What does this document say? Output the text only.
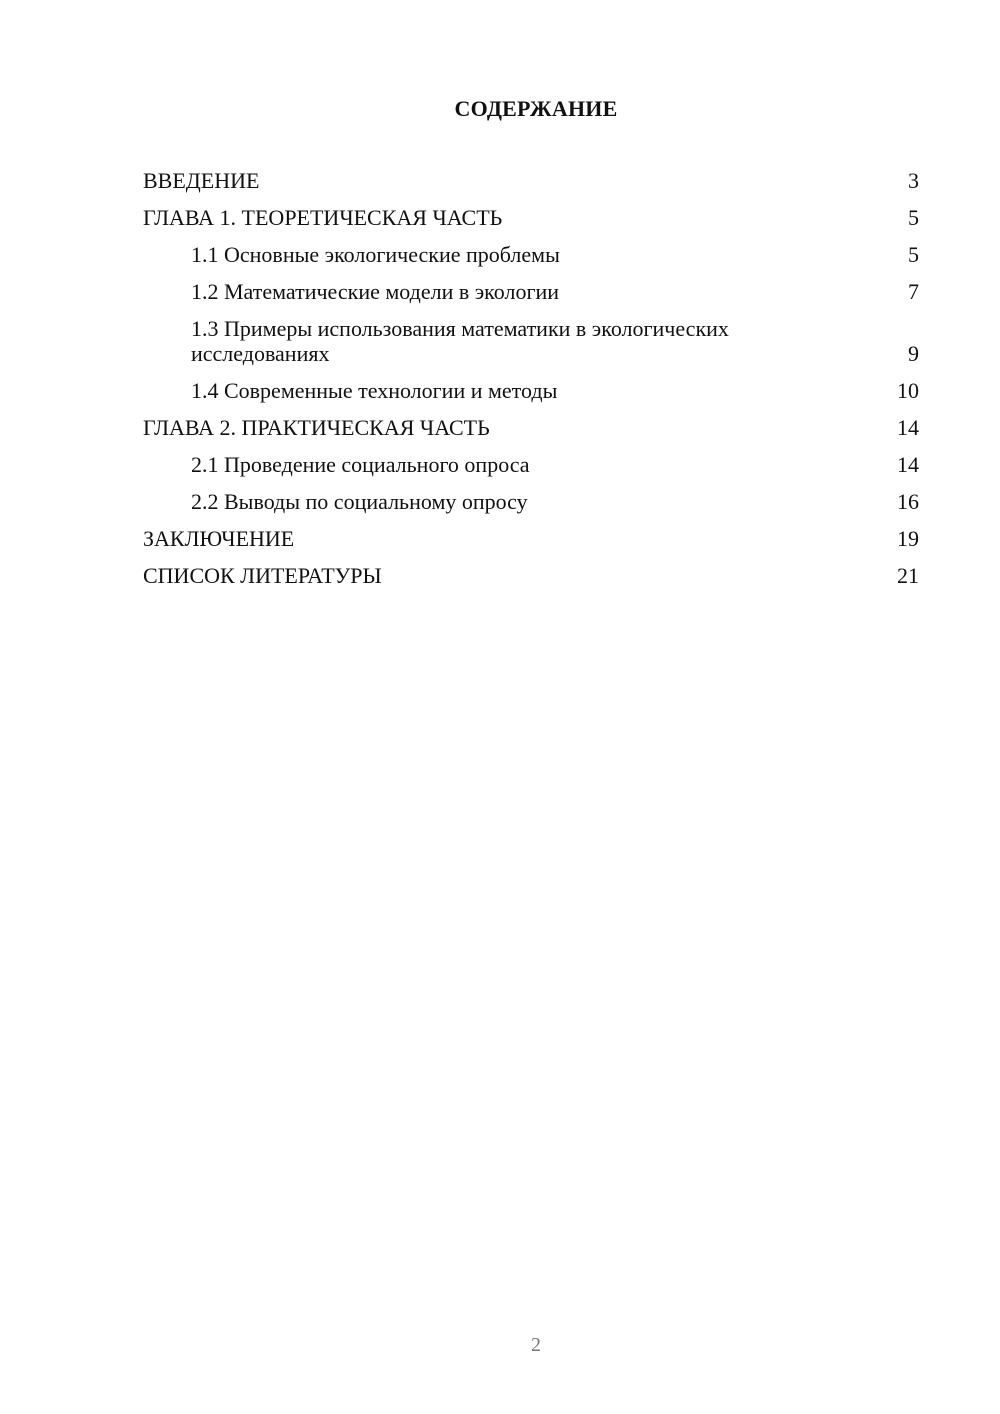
СОДЕРЖАНИЕ
ВВЕДЕНИЕ	3
ГЛАВА 1. ТЕОРЕТИЧЕСКАЯ ЧАСТЬ	5
1.1 Основные экологические проблемы	5
1.2 Математические модели в экологии	7
1.3 Примеры использования математики в экологических исследованиях	9
1.4 Современные технологии и методы	10
ГЛАВА 2. ПРАКТИЧЕСКАЯ ЧАСТЬ	14
2.1 Проведение социального опроса	14
2.2 Выводы по социальному опросу	16
ЗАКЛЮЧЕНИЕ	19
СПИСОК ЛИТЕРАТУРЫ	21
2
